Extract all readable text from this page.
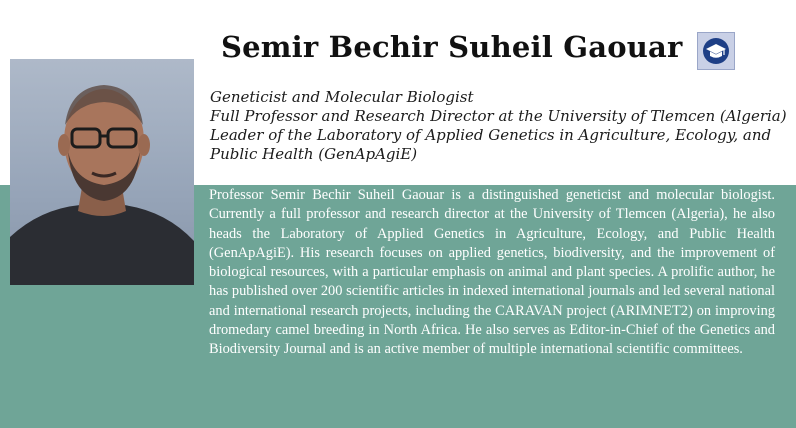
Semir Bechir Suheil Gaouar
Geneticist and Molecular Biologist
Full Professor and Research Director at the University of Tlemcen (Algeria)
Leader of the Laboratory of Applied Genetics in Agriculture, Ecology, and
Public Health (GenApAgiE)

Professor Semir Bechir Suheil Gaouar is a distinguished geneticist and molecular biologist. Currently a full professor and research director at the University of Tlemcen (Algeria), he also heads the Laboratory of Applied Genetics in Agriculture, Ecology, and Public Health (GenApAgiE). His research focuses on applied genetics, biodiversity, and the improvement of biological resources, with a particular emphasis on animal and plant species. A prolific author, he has published over 200 scientific articles in indexed international journals and led several national and international research projects, including the CARAVAN project (ARIMNET2) on improving dromedary camel breeding in North Africa. He also serves as Editor-in-Chief of the Genetics and Biodiversity Journal and is an active member of multiple international scientific committees.
